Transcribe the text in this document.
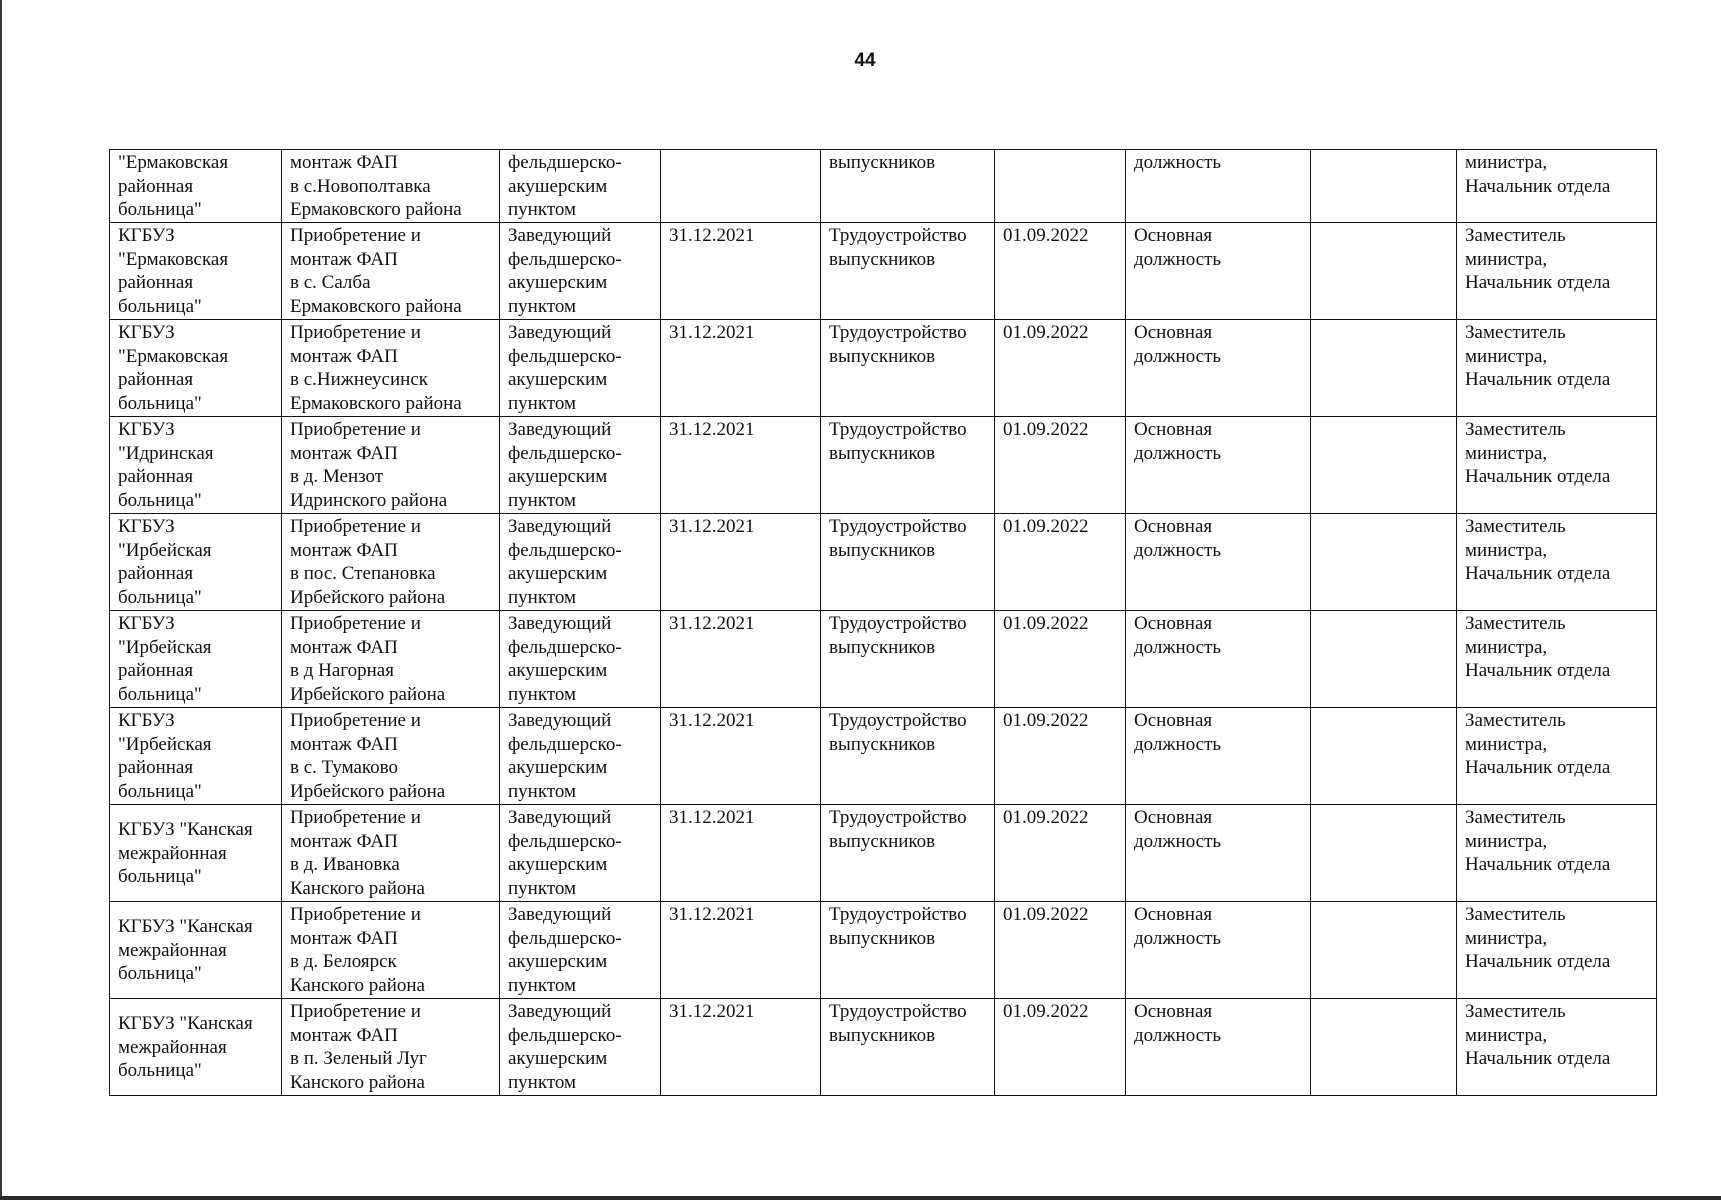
44
"Ермаковская
районная
больница"	монтаж ФАП
в с.Новополтавка
Ермаковского района	фельдшерско-
акушерским
пунктом		выпускников		должность		министра,
Начальник отдела

КГБУЗ
"Ермаковская
районная
больница"	Приобретение и
монтаж ФАП
в с. Салба
Ермаковского района	Заведующий
фельдшерско-
акушерским
пунктом	31.12.2021	Трудоустройство
выпускников	01.09.2022	Основная
должность		Заместитель
министра,
Начальник отдела

КГБУЗ
"Ермаковская
районная
больница"	Приобретение и
монтаж ФАП
в с.Нижнеусинск
Ермаковского района	Заведующий
фельдшерско-
акушерским
пунктом	31.12.2021	Трудоустройство
выпускников	01.09.2022	Основная
должность		Заместитель
министра,
Начальник отдела

КГБУЗ
"Идринская
районная
больница"	Приобретение и
монтаж ФАП
в д. Мензот
Идринского района	Заведующий
фельдшерско-
акушерским
пунктом	31.12.2021	Трудоустройство
выпускников	01.09.2022	Основная
должность		Заместитель
министра,
Начальник отдела

КГБУЗ
"Ирбейская
районная
больница"	Приобретение и
монтаж ФАП
в пос. Степановка
Ирбейского района	Заведующий
фельдшерско-
акушерским
пунктом	31.12.2021	Трудоустройство
выпускников	01.09.2022	Основная
должность		Заместитель
министра,
Начальник отдела

КГБУЗ
"Ирбейская
районная
больница"	Приобретение и
монтаж ФАП
в д Нагорная
Ирбейского района	Заведующий
фельдшерско-
акушерским
пунктом	31.12.2021	Трудоустройство
выпускников	01.09.2022	Основная
должность		Заместитель
министра,
Начальник отдела

КГБУЗ
"Ирбейская
районная
больница"	Приобретение и
монтаж ФАП
в с. Тумаково
Ирбейского района	Заведующий
фельдшерско-
акушерским
пунктом	31.12.2021	Трудоустройство
выпускников	01.09.2022	Основная
должность		Заместитель
министра,
Начальник отдела

КГБУЗ "Канская
межрайонная
больница"	Приобретение и
монтаж ФАП
в д. Ивановка
Канского района	Заведующий
фельдшерско-
акушерским
пунктом	31.12.2021	Трудоустройство
выпускников	01.09.2022	Основная
должность		Заместитель
министра,
Начальник отдела

КГБУЗ "Канская
межрайонная
больница"	Приобретение и
монтаж ФАП
в д. Белоярск
Канского района	Заведующий
фельдшерско-
акушерским
пунктом	31.12.2021	Трудоустройство
выпускников	01.09.2022	Основная
должность		Заместитель
министра,
Начальник отдела

КГБУЗ "Канская
межрайонная
больница"	Приобретение и
монтаж ФАП
в п. Зеленый Луг
Канского района	Заведующий
фельдшерско-
акушерским
пунктом	31.12.2021	Трудоустройство
выпускников	01.09.2022	Основная
должность		Заместитель
министра,
Начальник отдела
